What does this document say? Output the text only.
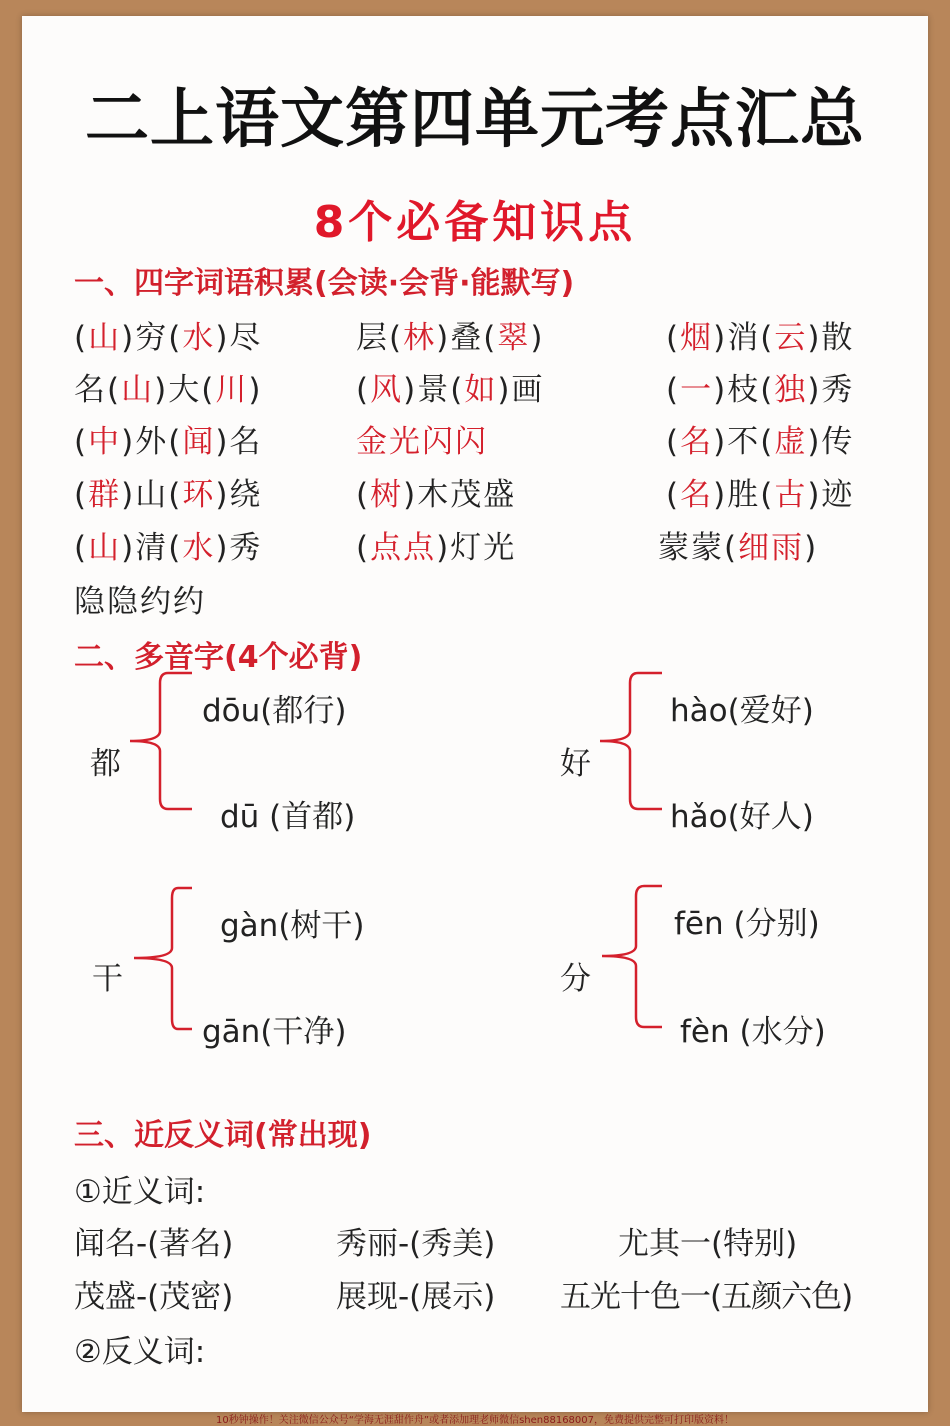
二上语文第四单元考点汇总
8个必备知识点
一、四字词语积累(会读·会背·能默写)
(山)穷(水)尽	层(林)叠(翠)	(烟)消(云)散
名(山)大(川)	(风)景(如)画	(一)枝(独)秀
(中)外(闻)名	金光闪闪	(名)不(虚)传
(群)山(环)绕	(树)木茂盛	(名)胜(古)迹
(山)清(水)秀	(点点)灯光	蒙蒙(细雨)
隐隐约约
二、多音字(4个必背)
都
dōu(都行)
dū (首都)
好
hào(爱好)
hǎo(好人)
干
gàn(树干)
gān(干净)
分
fēn (分别)
fèn (水分)
三、近反义词(常出现)
①近义词:
闻名-(著名)	秀丽-(秀美)	尤其一(特别)
茂盛-(茂密)	展现-(展示) 五光十色一(五颜六色)
②反义词:
10秒钟操作！关注微信公众号“学海无涯甜作舟”或者添加理老师微信shen88168007，免费提供完整可打印版资料！
